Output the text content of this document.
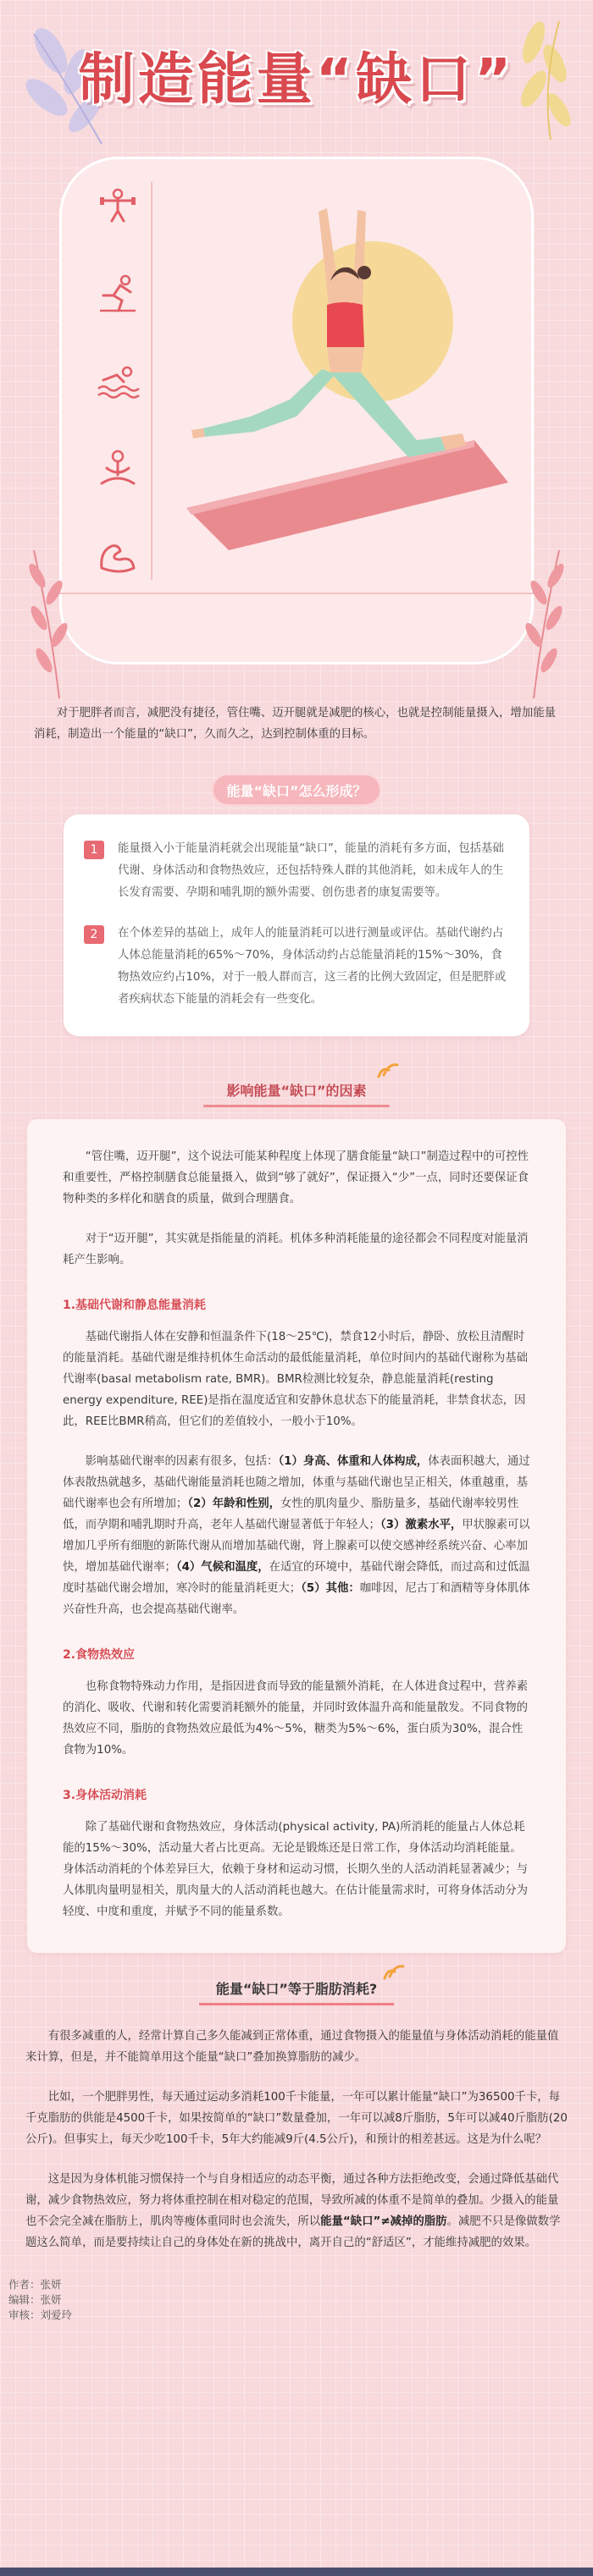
制造能量“缺口”

对于肥胖者而言，减肥没有捷径，管住嘴、迈开腿就是减肥的核心，也就是控制能量摄入，增加能量消耗，制造出一个能量的“缺口”，久而久之，达到控制体重的目标。

能量“缺口”怎么形成？
1	能量摄入小于能量消耗就会出现能量“缺口”，能量的消耗有多方面，包括基础代谢、身体活动和食物热效应，还包括特殊人群的其他消耗，如未成年人的生长发育需要、孕期和哺乳期的额外需要、创伤患者的康复需要等。

2	在个体差异的基础上，成年人的能量消耗可以进行测量或评估。基础代谢约占人体总能量消耗的65%～70%，身体活动约占总能量消耗的15%～30%，食物热效应约占10%，对于一般人群而言，这三者的比例大致固定，但是肥胖或者疾病状态下能量的消耗会有一些变化。

影响能量“缺口”的因素

“管住嘴，迈开腿”，这个说法可能某种程度上体现了膳食能量“缺口”制造过程中的可控性和重要性，严格控制膳食总能量摄入，做到“够了就好”，保证摄入“少”一点，同时还要保证食物种类的多样化和膳食的质量，做到合理膳食。

对于“迈开腿”，其实就是指能量的消耗。机体多种消耗能量的途径都会不同程度对能量消耗产生影响。

1.基础代谢和静息能量消耗

基础代谢指人体在安静和恒温条件下(18～25℃)，禁食12小时后，静卧、放松且清醒时的能量消耗。基础代谢是维持机体生命活动的最低能量消耗，单位时间内的基础代谢称为基础代谢率(basal metabolism rate, BMR)。BMR检测比较复杂，静息能量消耗(resting energy expenditure, REE)是指在温度适宜和安静休息状态下的能量消耗，非禁食状态，因此，REE比BMR稍高，但它们的差值较小，一般小于10%。

影响基础代谢率的因素有很多，包括：（1）身高、体重和人体构成，体表面积越大，通过体表散热就越多，基础代谢能量消耗也随之增加，体重与基础代谢也呈正相关，体重越重，基础代谢率也会有所增加；（2）年龄和性别，女性的肌肉量少、脂肪量多，基础代谢率较男性低，而孕期和哺乳期时升高，老年人基础代谢显著低于年轻人；（3）激素水平，甲状腺素可以增加几乎所有细胞的新陈代谢从而增加基础代谢，肾上腺素可以使交感神经系统兴奋、心率加快，增加基础代谢率；（4）气候和温度，在适宜的环境中，基础代谢会降低，而过高和过低温度时基础代谢会增加，寒冷时的能量消耗更大；（5）其他：咖啡因，尼古丁和酒精等身体肌体兴奋性升高，也会提高基础代谢率。

2.食物热效应

也称食物特殊动力作用，是指因进食而导致的能量额外消耗，在人体进食过程中，营养素的消化、吸收、代谢和转化需要消耗额外的能量，并同时致体温升高和能量散发。不同食物的热效应不同，脂肪的食物热效应最低为4%～5%，糖类为5%～6%，蛋白质为30%，混合性食物为10%。

3.身体活动消耗

除了基础代谢和食物热效应，身体活动(physical activity, PA)所消耗的能量占人体总耗能的15%～30%，活动量大者占比更高。无论是锻炼还是日常工作，身体活动均消耗能量。身体活动消耗的个体差异巨大，依赖于身材和运动习惯，长期久坐的人活动消耗显著减少；与人体肌肉量明显相关，肌肉量大的人活动消耗也越大。在估计能量需求时，可将身体活动分为轻度、中度和重度，并赋予不同的能量系数。

能量“缺口”等于脂肪消耗?

有很多减重的人，经常计算自己多久能减到正常体重，通过食物摄入的能量值与身体活动消耗的能量值来计算，但是，并不能简单用这个能量“缺口”叠加换算脂肪的减少。

比如，一个肥胖男性，每天通过运动多消耗100千卡能量，一年可以累计能量“缺口”为36500千卡，每千克脂肪的供能是4500千卡，如果按简单的“缺口”数量叠加，一年可以减8斤脂肪，5年可以减40斤脂肪(20公斤)。但事实上，每天少吃100千卡，5年大约能减9斤(4.5公斤)，和预计的相差甚远。这是为什么呢？

这是因为身体机能习惯保持一个与自身相适应的动态平衡，通过各种方法拒绝改变，会通过降低基础代谢，减少食物热效应，努力将体重控制在相对稳定的范围，导致所减的体重不是简单的叠加。少摄入的能量也不会完全减在脂肪上，肌肉等瘦体重同时也会流失，所以能量“缺口”≠减掉的脂肪。减肥不只是像做数学题这么简单，而是要持续让自己的身体处在新的挑战中，离开自己的“舒适区”，才能维持减肥的效果。

作者：张妍
编辑：张妍
审核：刘爱玲
